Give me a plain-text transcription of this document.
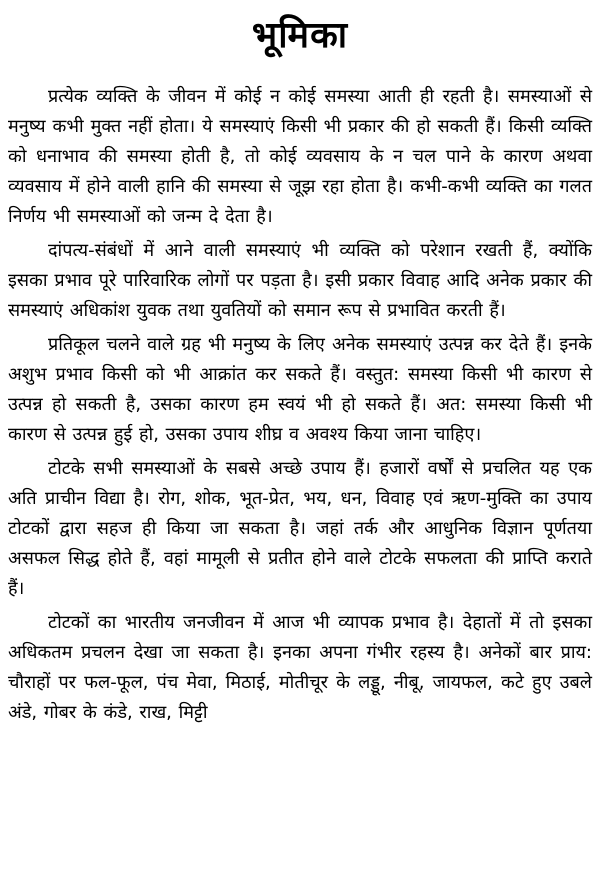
भूमिका

प्रत्येक व्यक्ति के जीवन में कोई न कोई समस्या आती ही रहती है। समस्याओं से मनुष्य कभी मुक्त नहीं होता। ये समस्याएं किसी भी प्रकार की हो सकती हैं। किसी व्यक्ति को धनाभाव की समस्या होती है, तो कोई व्यवसाय के न चल पाने के कारण अथवा व्यवसाय में होने वाली हानि की समस्या से जूझ रहा होता है। कभी-कभी व्यक्ति का गलत निर्णय भी समस्याओं को जन्म दे देता है।

दांपत्य-संबंधों में आने वाली समस्याएं भी व्यक्ति को परेशान रखती हैं, क्योंकि इसका प्रभाव पूरे पारिवारिक लोगों पर पड़ता है। इसी प्रकार विवाह आदि अनेक प्रकार की समस्याएं अधिकांश युवक तथा युवतियों को समान रूप से प्रभावित करती हैं।

प्रतिकूल चलने वाले ग्रह भी मनुष्य के लिए अनेक समस्याएं उत्पन्न कर देते हैं। इनके अशुभ प्रभाव किसी को भी आक्रांत कर सकते हैं। वस्तुत: समस्या किसी भी कारण से उत्पन्न हो सकती है, उसका कारण हम स्वयं भी हो सकते हैं। अत: समस्या किसी भी कारण से उत्पन्न हुई हो, उसका उपाय शीघ्र व अवश्य किया जाना चाहिए।

टोटके सभी समस्याओं के सबसे अच्छे उपाय हैं। हजारों वर्षों से प्रचलित यह एक अति प्राचीन विद्या है। रोग, शोक, भूत-प्रेत, भय, धन, विवाह एवं ऋण-मुक्ति का उपाय टोटकों द्वारा सहज ही किया जा सकता है। जहां तर्क और आधुनिक विज्ञान पूर्णतया असफल सिद्ध होते हैं, वहां मामूली से प्रतीत होने वाले टोटके सफलता की प्राप्ति कराते हैं।

टोटकों का भारतीय जनजीवन में आज भी व्यापक प्रभाव है। देहातों में तो इसका अधिकतम प्रचलन देखा जा सकता है। इनका अपना गंभीर रहस्य है। अनेकों बार प्राय: चौराहों पर फल-फूल, पंच मेवा, मिठाई, मोतीचूर के लड्डू, नीबू, जायफल, कटे हुए उबले अंडे, गोबर के कंडे, राख, मिट्टी
